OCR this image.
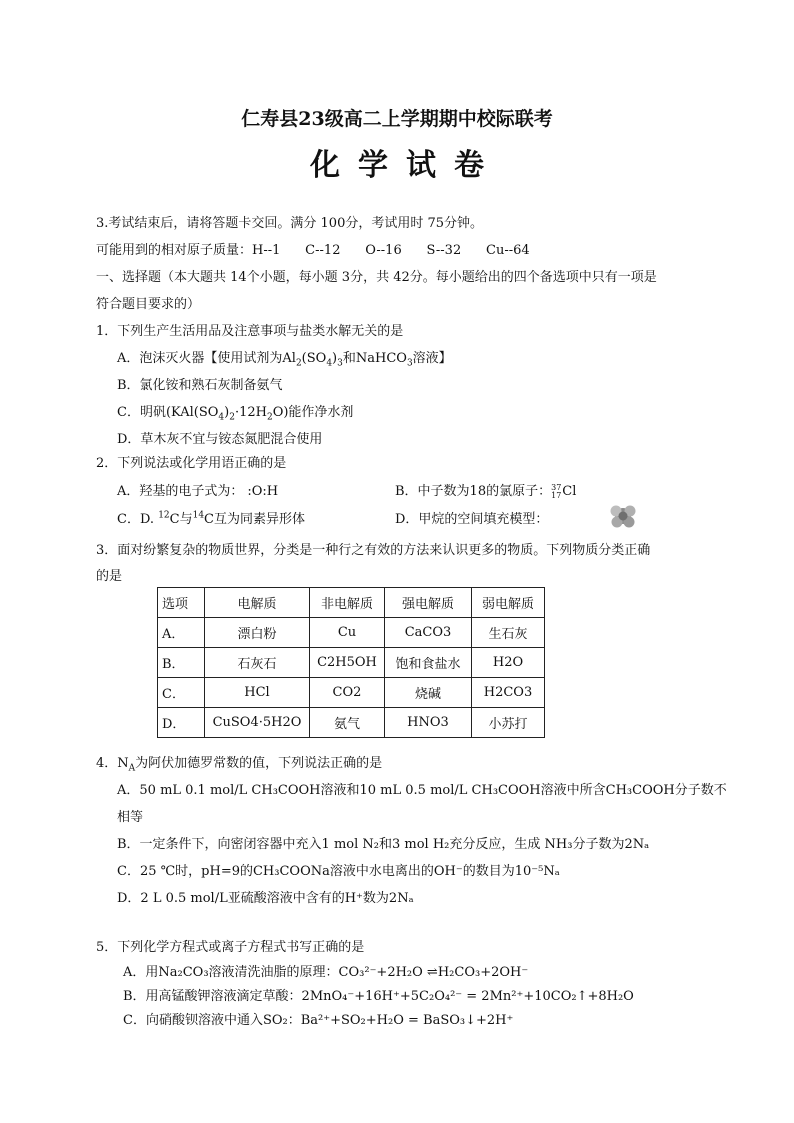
仁寿县23级高二上学期期中校际联考
化学试卷
3.考试结束后，请将答题卡交回。满分 100分，考试用时 75分钟。
可能用到的相对原子质量：H--1      C--12      O--16      S--32      Cu--64
一、选择题（本大题共 14个小题，每小题 3分，共 42分。每小题给出的四个备选项中只有一项是
符合题目要求的）
1．下列生产生活用品及注意事项与盐类水解无关的是
A．泡沫灭火器【使用试剂为$Al_2(SO_4)_3$和NaHCO$_3$溶液】
B．氯化铵和熟石灰制备氨气
C．明矾$(KAl(SO_4)_2\cdot 12H_2O)$能作净水剂
D．草木灰不宜与铵态氮肥混合使用
2．下列说法或化学用语正确的是
A．羟基的电子式为： :O:H	B．中子数为18的氯原子： 37
17 Cl
C．D. $^{12}$C与$^{14}$C互为同素异形体	D．甲烷的空间填充模型：
3．面对纷繁复杂的物质世界，分类是一种行之有效的方法来认识更多的物质。下列物质分类正确
的是
选项	电解质	非电解质	强电解质	弱电解质
A．	漂白粉	Cu	CaCO3	生石灰
B．	石灰石	C2H5OH	饱和食盐水	H2O
C．	HCl	CO2	烧碱	H2CO3
D．	CuSO4·5H2O	氨气	HNO3	小苏打
4．$N_A$为阿伏加德罗常数的值，下列说法正确的是
A．50 mL 0.1 mol/L CH₃COOH溶液和10 mL 0.5 mol/L CH₃COOH溶液中所含CH₃COOH分子数不
相等
B．一定条件下，向密闭容器中充入1 mol N₂和3 mol H₂充分反应，生成 NH₃分子数为2Nₐ
C．25 ℃时，pH=9的CH₃COONa溶液中水电离出的OH⁻的数目为10⁻⁵Nₐ
D．2 L 0.5 mol/L亚硫酸溶液中含有的H⁺数为2Nₐ
5．下列化学方程式或离子方程式书写正确的是
A．用Na₂CO₃溶液清洗油脂的原理：CO₃²⁻+2H₂O ⇌H₂CO₃+2OH⁻
B．用高锰酸钾溶液滴定草酸：2MnO₄⁻+16H⁺+5C₂O₄²⁻ = 2Mn²⁺+10CO₂↑+8H₂O
C．向硝酸钡溶液中通入SO₂：Ba²⁺+SO₂+H₂O = BaSO₃↓+2H⁺
